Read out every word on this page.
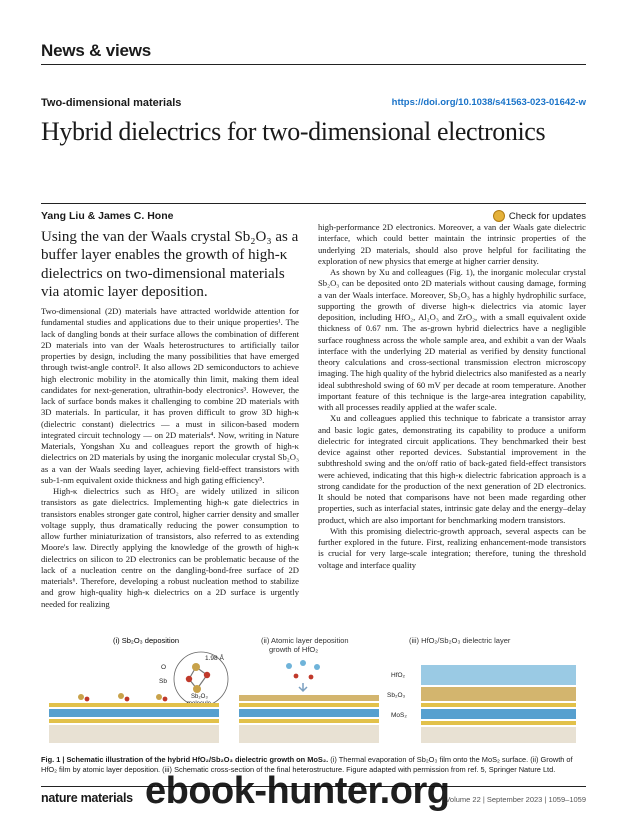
News & views
Two-dimensional materials	https://doi.org/10.1038/s41563-023-01642-w
Hybrid dielectrics for two-dimensional electronics
Yang Liu & James C. Hone	Check for updates
Using the van der Waals crystal Sb₂O₃ as a buffer layer enables the growth of high-κ dielectrics on two-dimensional materials via atomic layer deposition.

Two-dimensional (2D) materials have attracted worldwide attention for fundamental studies and applications due to their unique properties¹. The lack of dangling bonds at their surface allows the combination of different 2D materials into van der Waals heterostructures to artificially tailor properties by design, including the many possibilities that have emerged through twist-angle control². It also allows 2D semiconductors to achieve high electronic mobility in the atomically thin limit, making them ideal candidates for next-generation, ultrathin-body electronics³. However, the lack of surface bonds makes it challenging to combine 2D materials with 3D materials. In particular, it has proven difficult to grow 3D high-κ (dielectric constant) dielectrics — a must in silicon-based modern integrated circuit technology — on 2D materials⁴. Now, writing in Nature Materials, Yongshan Xu and colleagues report the growth of high-κ dielectrics on 2D materials by using the inorganic molecular crystal Sb₂O₃ as a van der Waals seeding layer, achieving field-effect transistors with sub-1-nm equivalent oxide thickness and high gating efficiency⁵.

High-κ dielectrics such as HfO₂ are widely utilized in silicon transistors as gate dielectrics. Implementing high-κ gate dielectrics in transistors enables stronger gate control, higher carrier density and smaller voltage supply, thus dramatically reducing the power consumption to allow further miniaturization of transistors, also referred to as extending Moore's law. Directly applying the knowledge of the growth of high-κ dielectrics on silicon to 2D electronics can be problematic because of the lack of a nucleation centre on the dangling-bond-free surface of 2D materials⁶. Therefore, developing a robust nucleation method to stabilize and grow high-quality high-κ dielectrics on a 2D surface is urgently needed for realizing

high-performance 2D electronics. Moreover, a van der Waals gate dielectric interface, which could better maintain the intrinsic properties of the underlying 2D materials, should also prove helpful for facilitating the exploration of new physics that emerge at higher carrier density.

As shown by Xu and colleagues (Fig. 1), the inorganic molecular crystal Sb₂O₃ can be deposited onto 2D materials without causing damage, forming a van der Waals interface. Moreover, Sb₂O₃ has a highly hydrophilic surface, supporting the growth of diverse high-κ dielectrics via atomic layer deposition, including HfO₂, Al₂O₃ and ZrO₂, with a small equivalent oxide thickness of 0.67 nm. The as-grown hybrid dielectrics have a negligible surface roughness across the whole sample area, and exhibit a van der Waals interface with the underlying 2D material as verified by density functional theory calculations and cross-sectional transmission electron microscopy imaging. The high quality of the hybrid dielectrics also manifested as a nearly ideal subthreshold swing of 60 mV per decade at room temperature. Another important feature of this technique is the large-area integration capability, with all processes readily applied at the wafer scale.

Xu and colleagues applied this technique to fabricate a transistor array and basic logic gates, demonstrating its capability to produce a uniform dielectric for integrated circuit applications. They benchmarked their best device against other reported devices. Substantial improvement in the subthreshold swing and the on/off ratio of back-gated field-effect transistors were achieved, indicating that this high-κ dielectric fabrication approach is a strong candidate for the production of the next generation of 2D electronics. It should be noted that comparisons have not been made regarding other properties, such as interfacial states, intrinsic gate delay and the energy–delay product, which are also important for benchmarking modern transistors.

With this promising dielectric-growth approach, several aspects can be further explored in the future. First, realizing enhancement-mode transistors is crucial for very large-scale integration; therefore, tuning the threshold voltage and interface quality

(i) Sb₂O₃ deposition	(ii) Atomic layer deposition
growth of HfO₂
(iii) HfO₂/Sb₂O₃ dielectric layer
1.98 Å
O
Sb
Sb₂O₃
HfO₂
Sb₂O₃
MoS₂
Fig. 1 | Schematic illustration of the hybrid HfO₂/Sb₂O₃ dielectric growth on MoS₂. (i) Thermal evaporation of Sb₂O₃ film onto the MoS₂ surface. (ii) Growth of HfO₂ film by atomic layer deposition. (iii) Schematic cross-section of the final heterostructure. Figure adapted with permission from ref. 5, Springer Nature Ltd.
nature materials	Volume 22 | September 2023 | 1059–1059
ebook-hunter.org
